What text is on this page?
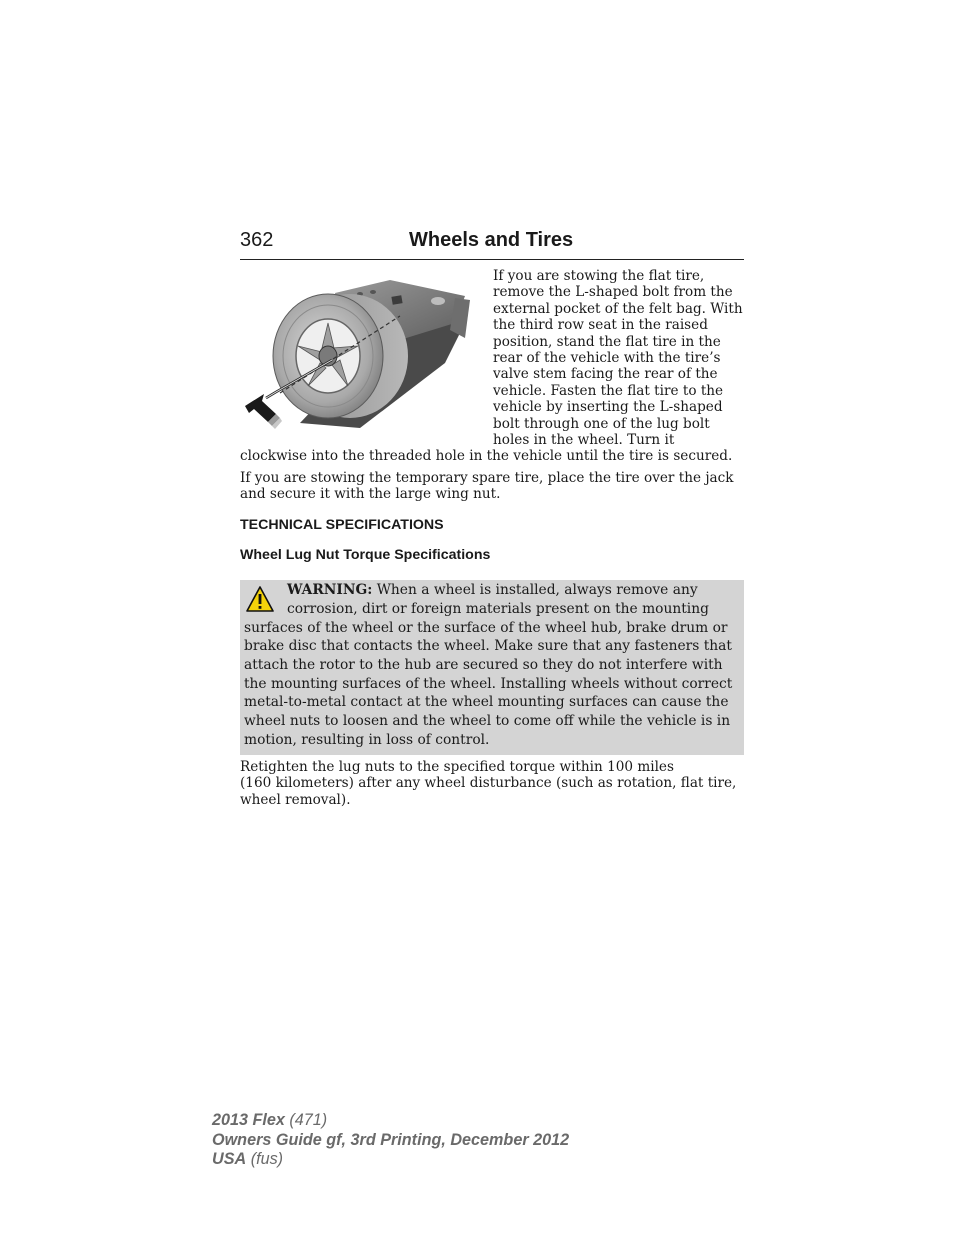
362	Wheels and Tires
If you are stowing the flat tire,
remove the L-shaped bolt from the
external pocket of the felt bag. With
the third row seat in the raised
position, stand the flat tire in the
rear of the vehicle with the tire’s
valve stem facing the rear of the
vehicle. Fasten the flat tire to the
vehicle by inserting the L-shaped
bolt through one of the lug bolt
holes in the wheel. Turn it
clockwise into the threaded hole in the vehicle until the tire is secured.
If you are stowing the temporary spare tire, place the tire over the jack
and secure it with the large wing nut.
TECHNICAL SPECIFICATIONS
Wheel Lug Nut Torque Specifications
WARNING: When a wheel is installed, always remove any
corrosion, dirt or foreign materials present on the mounting
surfaces of the wheel or the surface of the wheel hub, brake drum or
brake disc that contacts the wheel. Make sure that any fasteners that
attach the rotor to the hub are secured so they do not interfere with
the mounting surfaces of the wheel. Installing wheels without correct
metal-to-metal contact at the wheel mounting surfaces can cause the
wheel nuts to loosen and the wheel to come off while the vehicle is in
motion, resulting in loss of control.
Retighten the lug nuts to the specified torque within 100 miles
(160 kilometers) after any wheel disturbance (such as rotation, flat tire,
wheel removal).
2013 Flex (471)
Owners Guide gf, 3rd Printing, December 2012
USA (fus)
